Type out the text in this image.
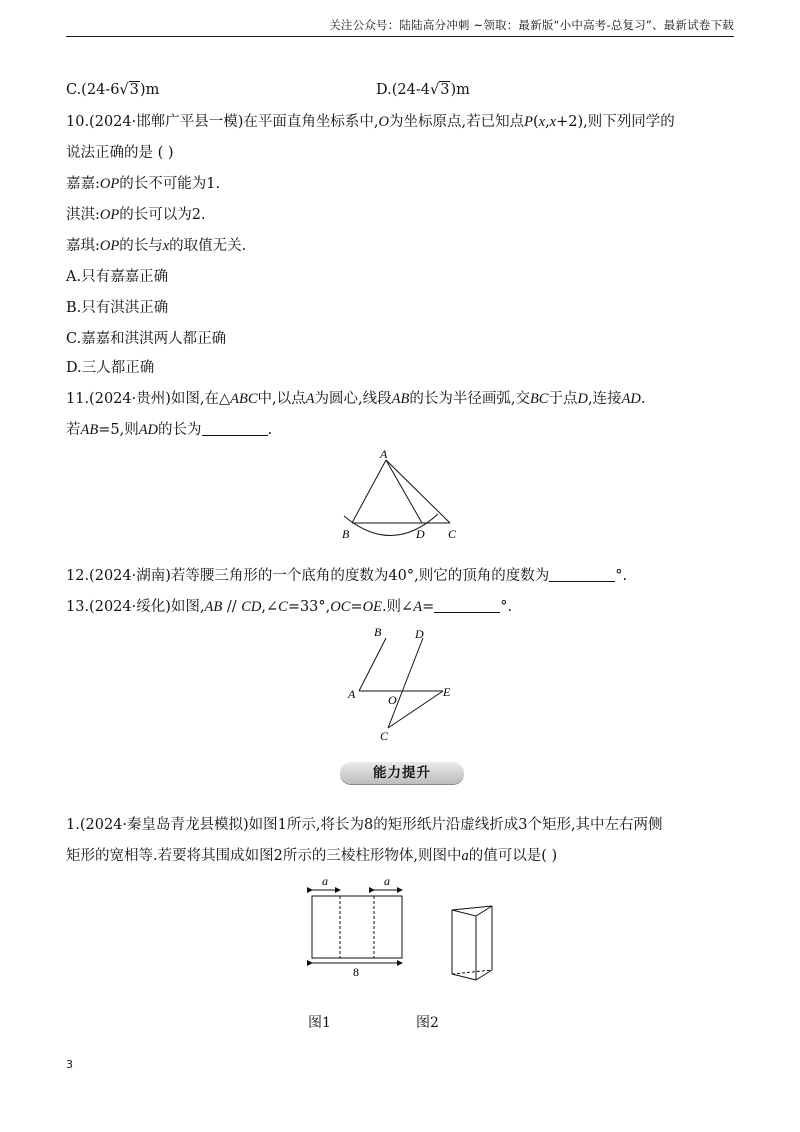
关注公众号：陆陆高分冲刺 ~领取：最新版“小中高考-总复习”、最新试卷下载
C.(24-6√3)m	D.(24-4√3)m
10.(2024·邯郸广平县一模)在平面直角坐标系中,O为坐标原点,若已知点P(x,x+2),则下列同学的
说法正确的是 ( )
嘉嘉:OP的长不可能为1.
淇淇:OP的长可以为2.
嘉琪:OP的长与x的取值无关.
A.只有嘉嘉正确
B.只有淇淇正确
C.嘉嘉和淇淇两人都正确
D.三人都正确
11.(2024·贵州)如图,在△ABC中,以点A为圆心,线段AB的长为半径画弧,交BC于点D,连接AD.
若AB=5,则AD的长为	.
A
B	D C
12.(2024·湖南)若等腰三角形的一个底角的度数为40°,则它的顶角的度数为	°.
13.(2024·绥化)如图,AB // CD,∠C=33°,OC=OE.则∠A=	°.
B	D
A	O
E
C
能力提升
1.(2024·秦皇岛青龙县模拟)如图1所示,将长为8的矩形纸片沿虚线折成3个矩形,其中左右两侧
矩形的宽相等.若要将其围成如图2所示的三棱柱形物体,则图中a的值可以是( )
a	a
8
图1	图2
3
